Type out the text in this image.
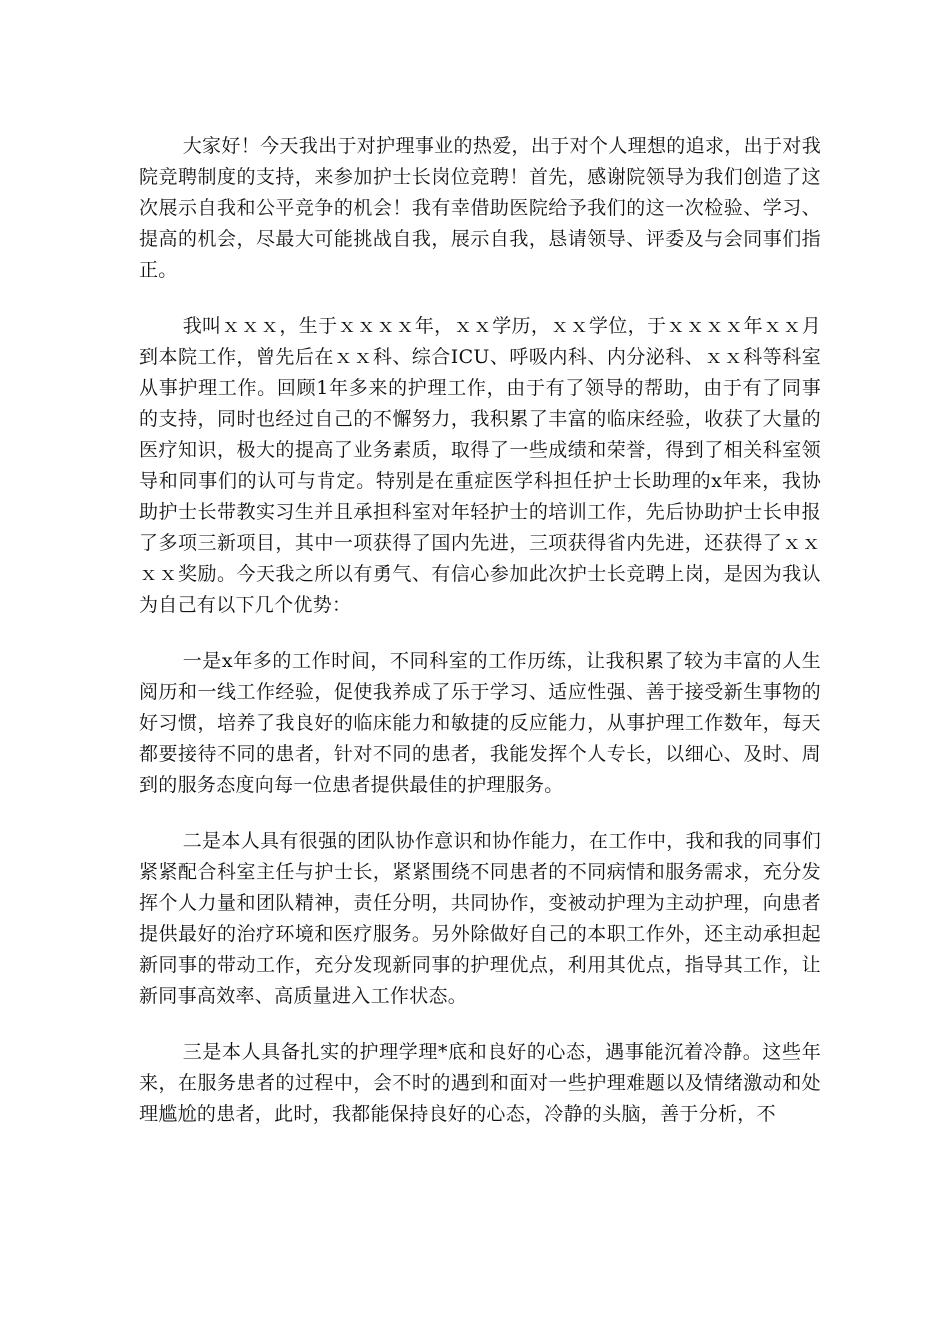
大家好！今天我出于对护理事业的热爱，出于对个人理想的追求，出于对我院竞聘制度的支持，来参加护士长岗位竞聘！首先，感谢院领导为我们创造了这次展示自我和公平竞争的机会！我有幸借助医院给予我们的这一次检验、学习、提高的机会，尽最大可能挑战自我，展示自我，恳请领导、评委及与会同事们指正。

我叫ｘｘｘ，生于ｘｘｘｘ年，ｘｘ学历，ｘｘ学位，于ｘｘｘｘ年ｘｘ月到本院工作，曾先后在ｘｘ科、综合ICU、呼吸内科、内分泌科、ｘｘ科等科室从事护理工作。回顾1年多来的护理工作，由于有了领导的帮助，由于有了同事的支持，同时也经过自己的不懈努力，我积累了丰富的临床经验，收获了大量的医疗知识，极大的提高了业务素质，取得了一些成绩和荣誉，得到了相关科室领导和同事们的认可与肯定。特别是在重症医学科担任护士长助理的x年来，我协助护士长带教实习生并且承担科室对年轻护士的培训工作，先后协助护士长申报了多项三新项目，其中一项获得了国内先进，三项获得省内先进，还获得了ｘｘｘｘ奖励。今天我之所以有勇气、有信心参加此次护士长竞聘上岗，是因为我认为自己有以下几个优势：

一是x年多的工作时间，不同科室的工作历练，让我积累了较为丰富的人生阅历和一线工作经验，促使我养成了乐于学习、适应性强、善于接受新生事物的好习惯，培养了我良好的临床能力和敏捷的反应能力，从事护理工作数年，每天都要接待不同的患者，针对不同的患者，我能发挥个人专长，以细心、及时、周到的服务态度向每一位患者提供最佳的护理服务。

二是本人具有很强的团队协作意识和协作能力，在工作中，我和我的同事们紧紧配合科室主任与护士长，紧紧围绕不同患者的不同病情和服务需求，充分发挥个人力量和团队精神，责任分明，共同协作，变被动护理为主动护理，向患者提供最好的治疗环境和医疗服务。另外除做好自己的本职工作外，还主动承担起新同事的带动工作，充分发现新同事的护理优点，利用其优点，指导其工作，让新同事高效率、高质量进入工作状态。

三是本人具备扎实的护理学理*底和良好的心态，遇事能沉着冷静。这些年来，在服务患者的过程中，会不时的遇到和面对一些护理难题以及情绪激动和处理尴尬的患者，此时，我都能保持良好的心态，冷静的头脑，善于分析，不
